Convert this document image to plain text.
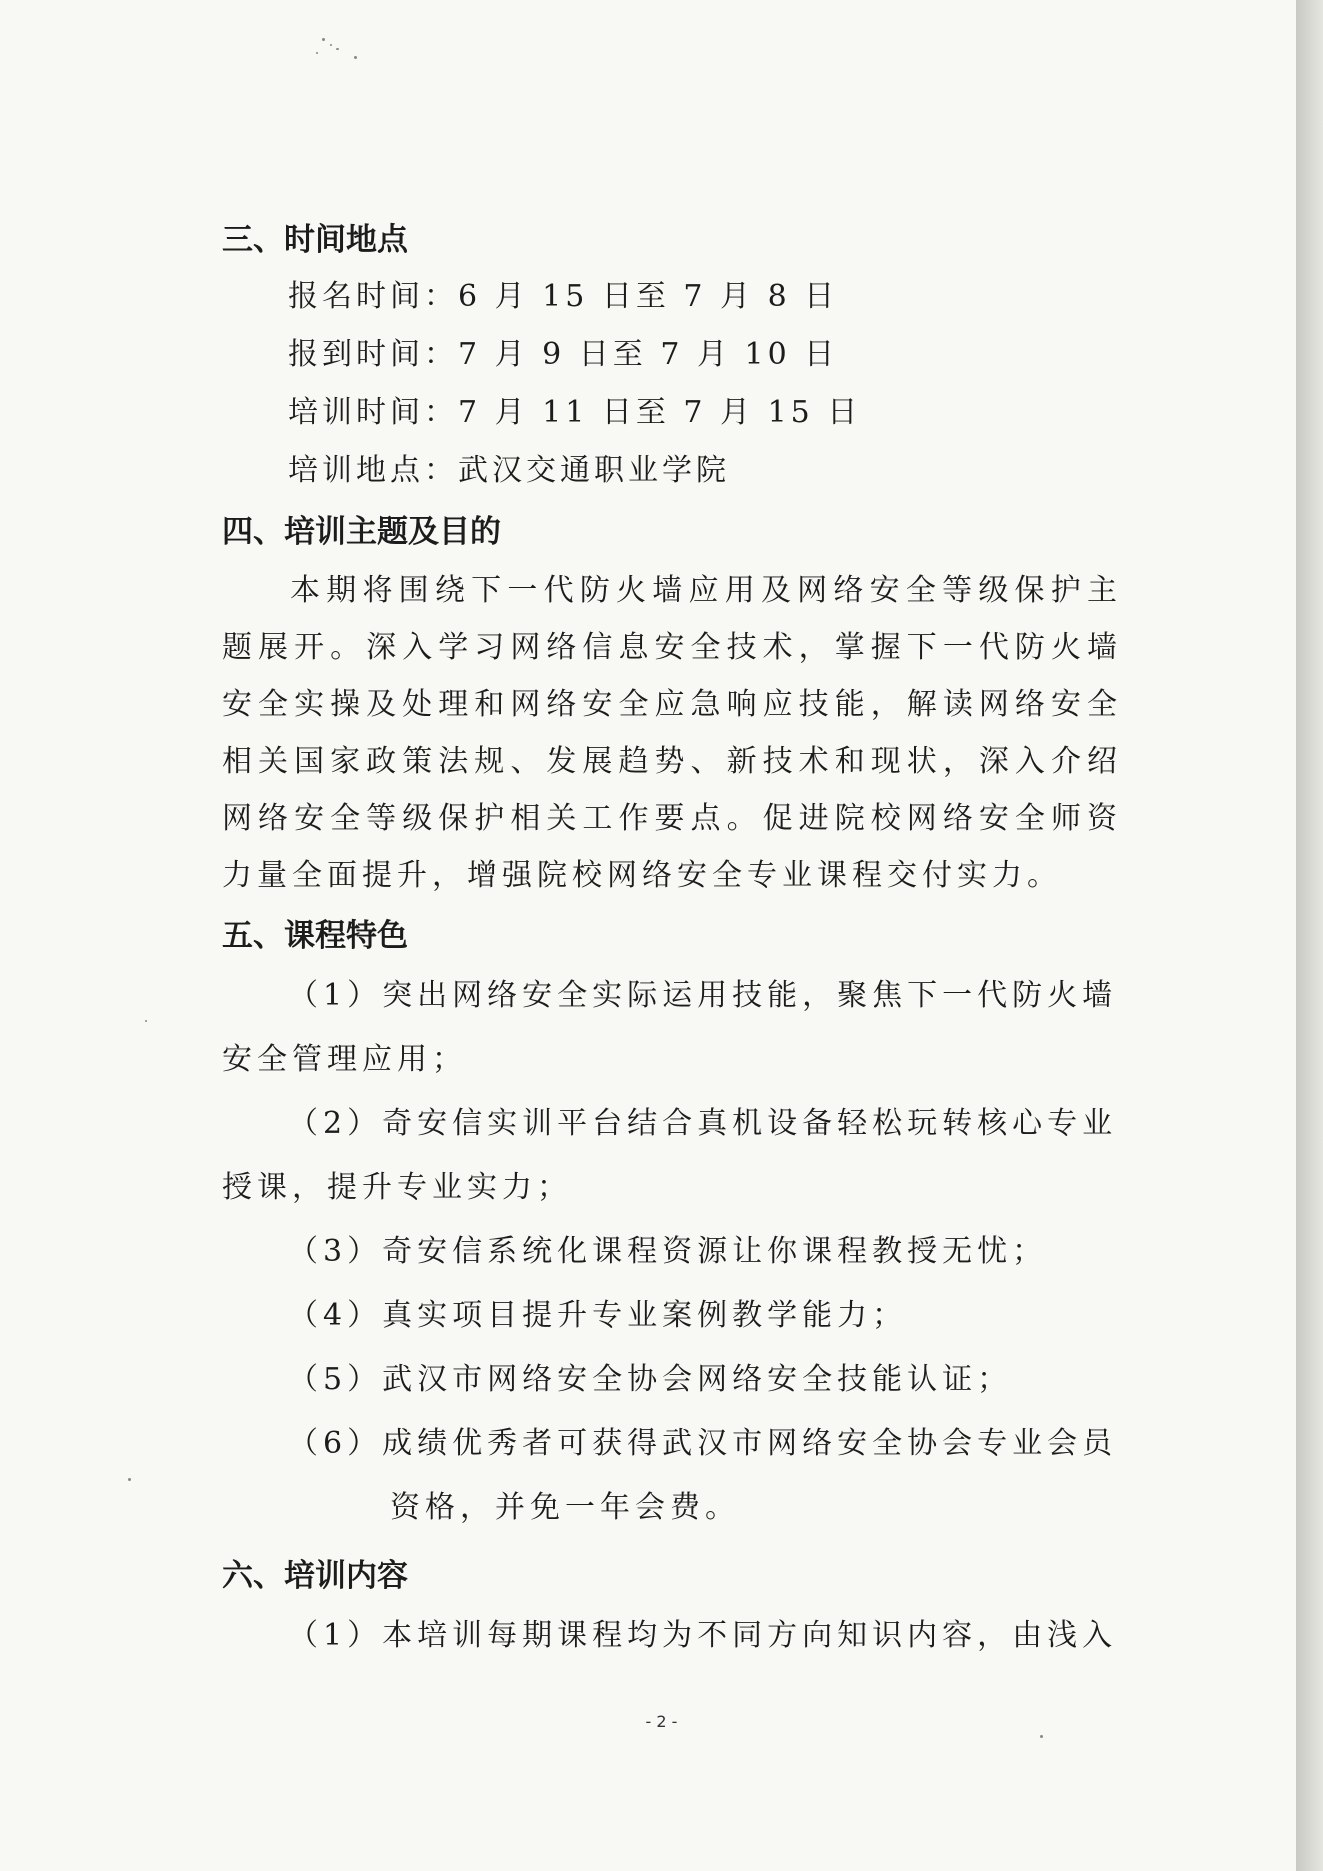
三、时间地点
报名时间：6 月 15 日至 7 月 8 日
报到时间：7 月 9 日至 7 月 10 日
培训时间：7 月 11 日至 7 月 15 日
培训地点：武汉交通职业学院
四、培训主题及目的
本期将围绕下一代防火墙应用及网络安全等级保护主题展开。深入学习网络信息安全技术，掌握下一代防火墙安全实操及处理和网络安全应急响应技能，解读网络安全相关国家政策法规、发展趋势、新技术和现状，深入介绍网络安全等级保护相关工作要点。促进院校网络安全师资力量全面提升，增强院校网络安全专业课程交付实力。
五、课程特色
（1）突出网络安全实际运用技能，聚焦下一代防火墙
安全管理应用；
（2）奇安信实训平台结合真机设备轻松玩转核心专业
授课，提升专业实力；
（3）奇安信系统化课程资源让你课程教授无忧；
（4）真实项目提升专业案例教学能力；
（5）武汉市网络安全协会网络安全技能认证；
（6）成绩优秀者可获得武汉市网络安全协会专业会员
资格，并免一年会费。
六、培训内容
（1）本培训每期课程均为不同方向知识内容，由浅入
- 2 -
